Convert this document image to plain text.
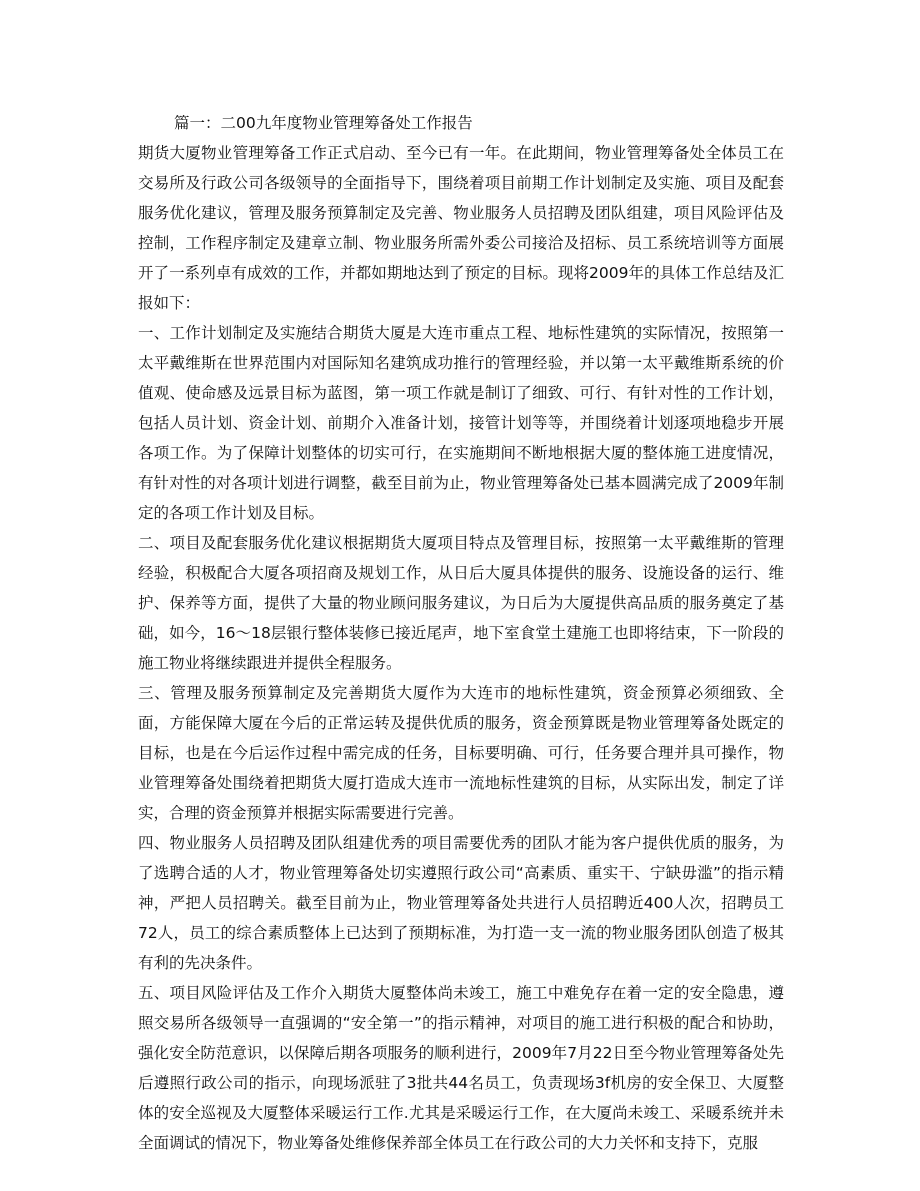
篇一：二00九年度物业管理筹备处工作报告

期货大厦物业管理筹备工作正式启动、至今已有一年。在此期间，物业管理筹备处全体员工在交易所及行政公司各级领导的全面指导下，围绕着项目前期工作计划制定及实施、项目及配套服务优化建议，管理及服务预算制定及完善、物业服务人员招聘及团队组建，项目风险评估及控制，工作程序制定及建章立制、物业服务所需外委公司接洽及招标、员工系统培训等方面展开了一系列卓有成效的工作，并都如期地达到了预定的目标。现将2009年的具体工作总结及汇报如下：

一、工作计划制定及实施结合期货大厦是大连市重点工程、地标性建筑的实际情况，按照第一太平戴维斯在世界范围内对国际知名建筑成功推行的管理经验，并以第一太平戴维斯系统的价值观、使命感及远景目标为蓝图，第一项工作就是制订了细致、可行、有针对性的工作计划，包括人员计划、资金计划、前期介入准备计划，接管计划等等，并围绕着计划逐项地稳步开展各项工作。为了保障计划整体的切实可行，在实施期间不断地根据大厦的整体施工进度情况，有针对性的对各项计划进行调整，截至目前为止，物业管理筹备处已基本圆满完成了2009年制定的各项工作计划及目标。

二、项目及配套服务优化建议根据期货大厦项目特点及管理目标，按照第一太平戴维斯的管理经验，积极配合大厦各项招商及规划工作，从日后大厦具体提供的服务、设施设备的运行、维护、保养等方面，提供了大量的物业顾问服务建议，为日后为大厦提供高品质的服务奠定了基础，如今，16～18层银行整体装修已接近尾声，地下室食堂土建施工也即将结束，下一阶段的施工物业将继续跟进并提供全程服务。

三、管理及服务预算制定及完善期货大厦作为大连市的地标性建筑，资金预算必须细致、全面，方能保障大厦在今后的正常运转及提供优质的服务，资金预算既是物业管理筹备处既定的目标，也是在今后运作过程中需完成的任务，目标要明确、可行，任务要合理并具可操作，物业管理筹备处围绕着把期货大厦打造成大连市一流地标性建筑的目标，从实际出发，制定了详实，合理的资金预算并根据实际需要进行完善。

四、物业服务人员招聘及团队组建优秀的项目需要优秀的团队才能为客户提供优质的服务，为了选聘合适的人才，物业管理筹备处切实遵照行政公司“高素质、重实干、宁缺毋滥”的指示精神，严把人员招聘关。截至目前为止，物业管理筹备处共进行人员招聘近400人次，招聘员工72人，员工的综合素质整体上已达到了预期标准，为打造一支一流的物业服务团队创造了极其有利的先决条件。

五、项目风险评估及工作介入期货大厦整体尚未竣工，施工中难免存在着一定的安全隐患，遵照交易所各级领导一直强调的“安全第一”的指示精神，对项目的施工进行积极的配合和协助，强化安全防范意识，以保障后期各项服务的顺利进行，2009年7月22日至今物业管理筹备处先后遵照行政公司的指示，向现场派驻了3批共44名员工，负责现场3f机房的安全保卫、大厦整体的安全巡视及大厦整体采暖运行工作.尤其是采暖运行工作，在大厦尚未竣工、采暖系统并未全面调试的情况下，物业筹备处维修保养部全体员工在行政公司的大力关怀和支持下，克服
